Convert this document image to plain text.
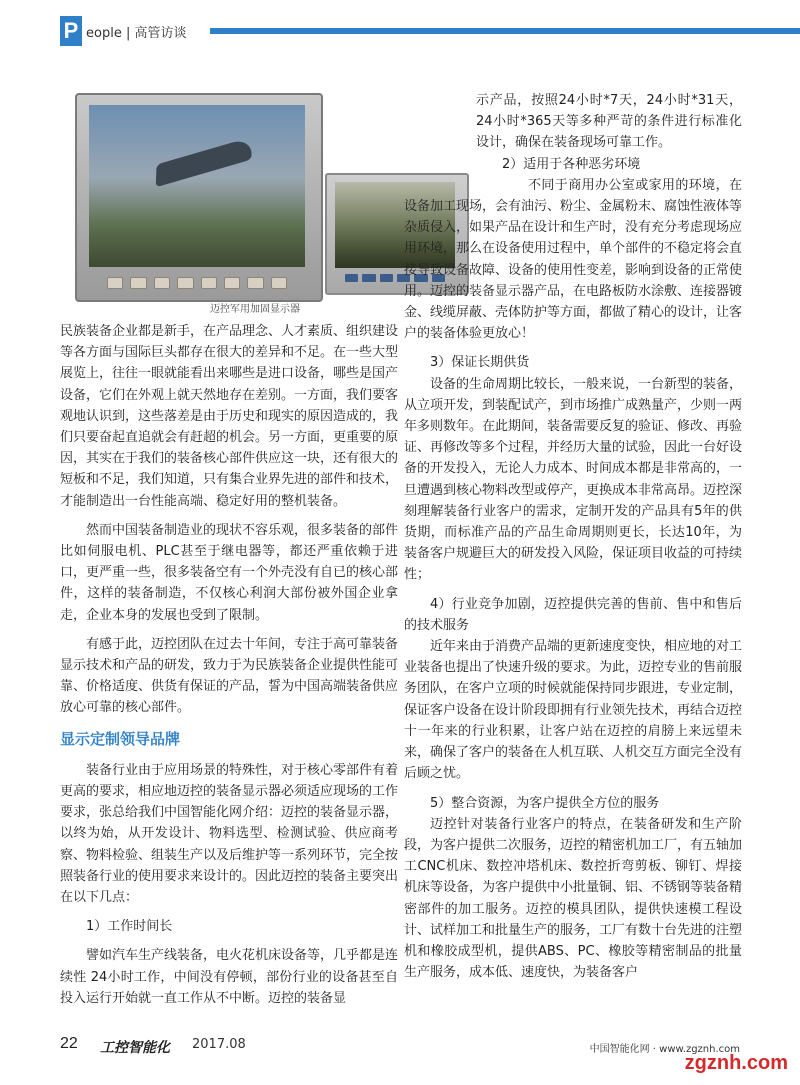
P eople | 高管访谈
迈控军用加固显示器

民族装备企业都是新手，在产品理念、人才素质、组织建设等各方面与国际巨头都存在很大的差异和不足。在一些大型展览上，往往一眼就能看出来哪些是进口设备，哪些是国产设备，它们在外观上就天然地存在差别。一方面，我们要客观地认识到，这些落差是由于历史和现实的原因造成的，我们只要奋起直追就会有赶超的机会。另一方面，更重要的原因，其实在于我们的装备核心部件供应这一块，还有很大的短板和不足，我们知道，只有集合业界先进的部件和技术，才能制造出一台性能高端、稳定好用的整机装备。

然而中国装备制造业的现状不容乐观，很多装备的部件比如伺服电机、PLC甚至于继电器等，都还严重依赖于进口，更严重一些，很多装备空有一个外壳没有自已的核心部件，这样的装备制造，不仅核心利润大部份被外国企业拿走，企业本身的发展也受到了限制。

有感于此，迈控团队在过去十年间，专注于高可靠装备显示技术和产品的研发，致力于为民族装备企业提供性能可靠、价格适度、供货有保证的产品，誓为中国高端装备供应放心可靠的核心部件。

显示定制领导品牌

装备行业由于应用场景的特殊性，对于核心零部件有着更高的要求，相应地迈控的装备显示器必须适应现场的工作要求，张总给我们中国智能化网介绍：迈控的装备显示器，以终为始，从开发设计、物料选型、检测试验、供应商考察、物料检验、组装生产以及后维护等一系列环节，完全按照装备行业的使用要求来设计的。因此迈控的装备主要突出在以下几点：

1）工作时间长

譬如汽车生产线装备，电火花机床设备等，几乎都是连续性 24小时工作，中间没有停顿，部份行业的设备甚至自投入运行开始就一直工作从不中断。迈控的装备显

示产品，按照24小时*7天，24小时*31天，24小时*365天等多种严苛的条件进行标准化设计，确保在装备现场可靠工作。

2）适用于各种恶劣环境

不同于商用办公室或家用的环境，在设备加工现场，会有油污、粉尘、金属粉末、腐蚀性液体等杂质侵入，如果产品在设计和生产时，没有充分考虑现场应用环境，那么在设备使用过程中，单个部件的不稳定将会直接导致设备故障、设备的使用性变差，影响到设备的正常使用。迈控的装备显示器产品，在电路板防水涂敷、连接器镀金、线缆屏蔽、壳体防护等方面，都做了精心的设计，让客户的装备体验更放心！

3）保证长期供货

设备的生命周期比较长，一般来说，一台新型的装备，从立项开发，到装配试产，到市场推广成熟量产，少则一两年多则数年。在此期间，装备需要反复的验证、修改、再验证、再修改等多个过程，并经历大量的试验，因此一台好设备的开发投入，无论人力成本、时间成本都是非常高的，一旦遭遇到核心物料改型或停产，更换成本非常高昂。迈控深刻理解装备行业客户的需求，定制开发的产品具有5年的供货期，而标准产品的产品生命周期则更长，长达10年，为装备客户规避巨大的研发投入风险，保证项目收益的可持续性；

4）行业竞争加剧，迈控提供完善的售前、售中和售后的技术服务

近年来由于消费产品端的更新速度变快，相应地的对工业装备也提出了快速升级的要求。为此，迈控专业的售前服务团队，在客户立项的时候就能保持同步跟进，专业定制，保证客户设备在设计阶段即拥有行业领先技术，再结合迈控十一年来的行业积累，让客户站在迈控的肩膀上来远望未来，确保了客户的装备在人机互联、人机交互方面完全没有后顾之忧。

5）整合资源，为客户提供全方位的服务

迈控针对装备行业客户的特点，在装备研发和生产阶段，为客户提供二次服务，迈控的精密机加工厂，有五轴加工CNC机床、数控冲塔机床、数控折弯剪板、铆钉、焊接机床等设备，为客户提供中小批量铜、铝、不锈钢等装备精密部件的加工服务。迈控的模具团队，提供快速模工程设计、试样加工和批量生产的服务，工厂有数十台先进的注塑机和橡胶成型机，提供ABS、PC、橡胶等精密制品的批量生产服务，成本低、速度快，为装备客户

22 工控智能化 2017.08	中国智能化网 · www.zgznh.com
zgznh.com
